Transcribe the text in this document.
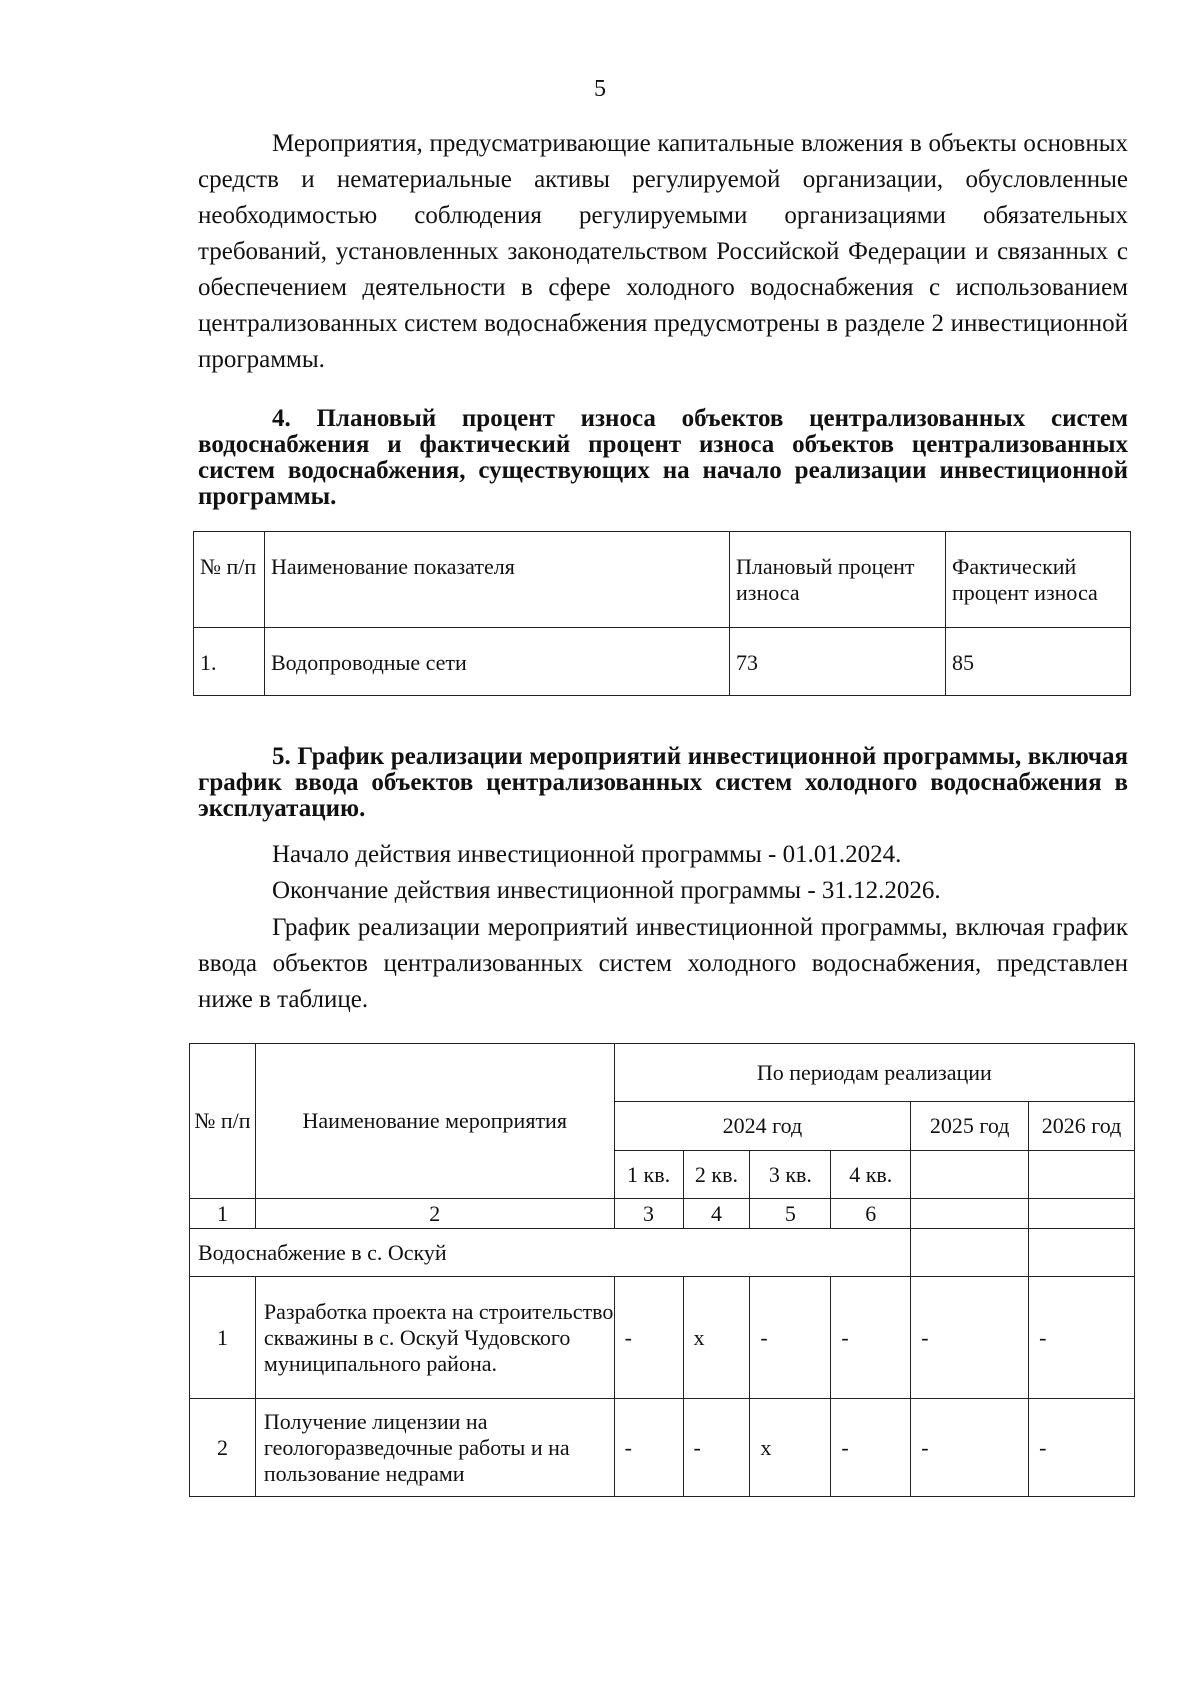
5

Мероприятия, предусматривающие капитальные вложения в объекты основных средств и нематериальные активы регулируемой организации, обусловленные необходимостью соблюдения регулируемыми организациями обязательных требований, установленных законодательством Российской Федерации и связанных с обеспечением деятельности в сфере холодного водоснабжения с использованием централизованных систем водоснабжения предусмотрены в разделе 2 инвестиционной программы.

4. Плановый процент износа объектов централизованных систем водоснабжения и фактический процент износа объектов централизованных систем водоснабжения, существующих на начало реализации инвестиционной программы.

№ п/п	Наименование показателя	Плановый процент износа	Фактический процент износа
1.	Водопроводные сети	73	85

5. График реализации мероприятий инвестиционной программы, включая график ввода объектов централизованных систем холодного водоснабжения в эксплуатацию.

Начало действия инвестиционной программы - 01.01.2024.

Окончание действия инвестиционной программы - 31.12.2026.

График реализации мероприятий инвестиционной программы, включая график ввода объектов централизованных систем холодного водоснабжения, представлен ниже в таблице.

№ п/п	Наименование мероприятия	По периодам реализации					
		2024 год				2025 год	2026 год
		1 кв.	2 кв.	3 кв.	4 кв.		
1	2	3	4	5	6		
Водоснабжение в с. Оскуй							
1	Разработка проекта на строительство скважины в с. Оскуй Чудовского муниципального района.	-	x	-	-	-	-
2	Получение лицензии на геологоразведочные работы и на пользование недрами	-	-	x	-	-	-
